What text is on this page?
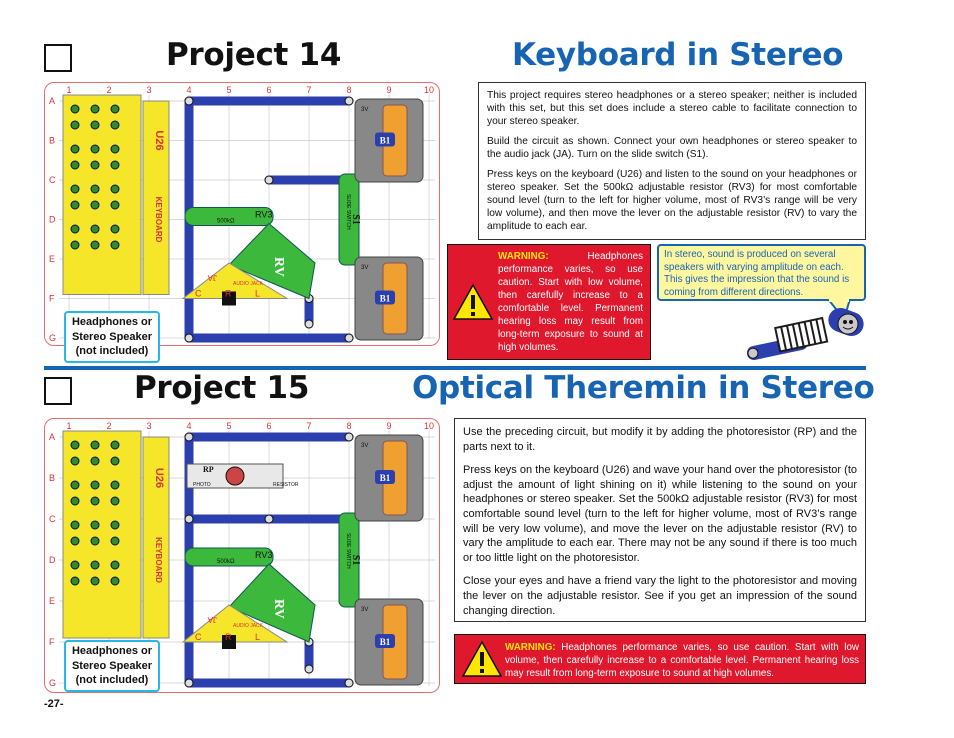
Project 14	Keyboard in Stereo
1	2	3	4	5	6	7	8	9	10
A
B
C
D
E
F
G
U26
KEYBOARD	RV3
500kΩ
RV
JA
AUDIO JACK
C	R	L
S1
SLIDE SWITCH
B1
3V
B1
3V
Headphones or
Stereo Speaker
(not included)

This project requires stereo headphones or a stereo speaker; neither is included with this set, but this set does include a stereo cable to facilitate connection to your stereo speaker.

Build the circuit as shown. Connect your own headphones or stereo speaker to the audio jack (JA). Turn on the slide switch (S1).

Press keys on the keyboard (U26) and listen to the sound on your headphones or stereo speaker. Set the 500kΩ adjustable resistor (RV3) for most comfortable sound level (turn to the left for higher volume, most of RV3’s range will be very low volume), and then move the lever on the adjustable resistor (RV) to vary the amplitude to each ear.

WARNING:	Headphones performance varies, so use caution. Start with low volume, then carefully increase to a comfortable level. Permanent hearing loss may result from long-term exposure to sound at high volumes.
In stereo, sound is produced on several speakers with varying amplitude on each. This gives the impression that the sound is coming from different directions.
Project 15	Optical Theremin in Stereo
1	2	3	4	5	6	7	8	9	10
A
B
C
D
E
F
G
U26
KEYBOARD
RP
PHOTO	RESISTOR
RV3
500kΩ
RV
JA
AUDIO JACK
C	R	L
S1
SLIDE SWITCH
B1
3V
B1
3V
Headphones or
Stereo Speaker
(not included)

Use the preceding circuit, but modify it by adding the photoresistor (RP) and the parts next to it.

Press keys on the keyboard (U26) and wave your hand over the photoresistor (to adjust the amount of light shining on it) while listening to the sound on your headphones or stereo speaker. Set the 500kΩ adjustable resistor (RV3) for most comfortable sound level (turn to the left for higher volume, most of RV3’s range will be very low volume), and move the lever on the adjustable resistor (RV) to vary the amplitude to each ear. There may not be any sound if there is too much or too little light on the photoresistor.

Close your eyes and have a friend vary the light to the photoresistor and moving the lever on the adjustable resistor. See if you get an impression of the sound changing direction.

WARNING: Headphones performance varies, so use caution. Start with low volume, then carefully increase to a comfortable level. Permanent hearing loss may result from long-term exposure to sound at high volumes.
-27-
